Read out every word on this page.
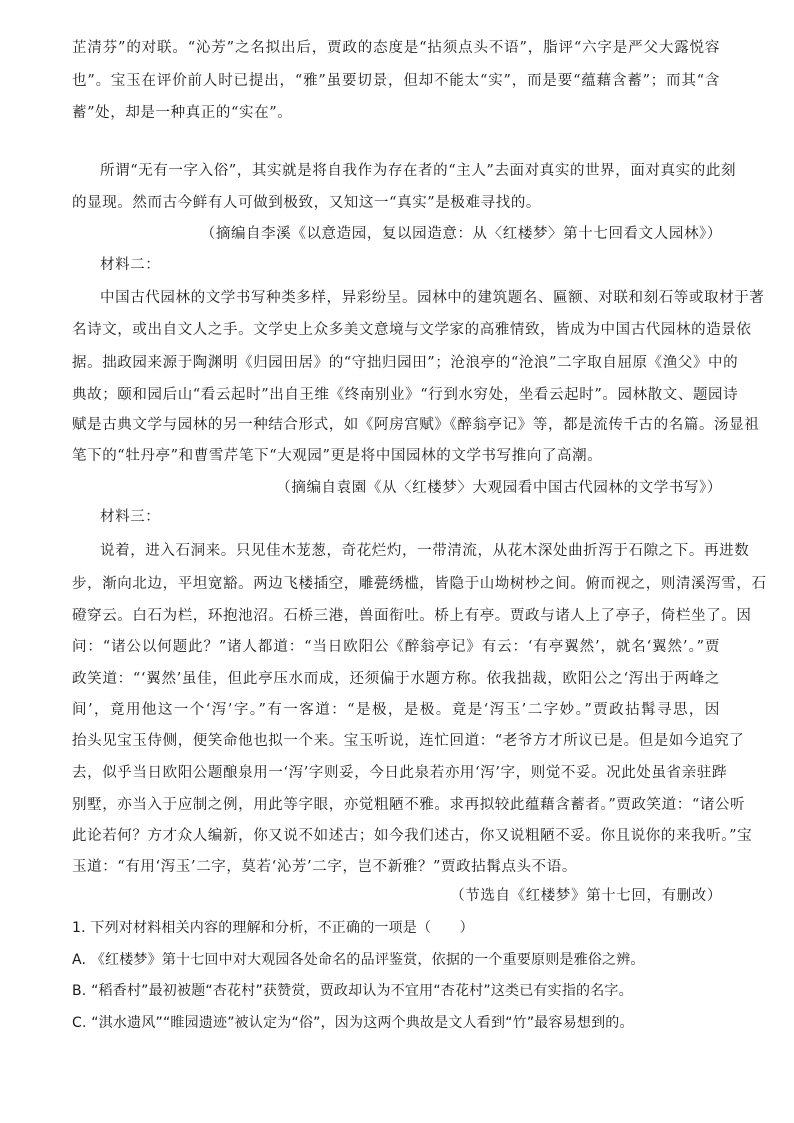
芷清芬”的对联。“沁芳”之名拟出后，贾政的态度是“拈须点头不语”，脂评“六字是严父大露悦容
也”。宝玉在评价前人时已提出，“雅”虽要切景，但却不能太“实”，而是要“蕴藉含蓄”；而其“含
蓄”处，却是一种真正的“实在”。
所谓“无有一字入俗”，其实就是将自我作为存在者的“主人”去面对真实的世界，面对真实的此刻
的显现。然而古今鲜有人可做到极致，又知这一“真实”是极难寻找的。
（摘编自李溪《以意造园，复以园造意：从〈红楼梦〉第十七回看文人园林》）
材料二：
中国古代园林的文学书写种类多样，异彩纷呈。园林中的建筑题名、匾额、对联和刻石等或取材于著
名诗文，或出自文人之手。文学史上众多美文意境与文学家的高雅情致，皆成为中国古代园林的造景依
据。拙政园来源于陶渊明《归园田居》的“守拙归园田”；沧浪亭的“沧浪”二字取自屈原《渔父》中的
典故；颐和园后山“看云起时”出自王维《终南别业》“行到水穷处，坐看云起时”。园林散文、题园诗
赋是古典文学与园林的另一种结合形式，如《阿房宫赋》《醉翁亭记》等，都是流传千古的名篇。汤显祖
笔下的“牡丹亭”和曹雪芹笔下“大观园”更是将中国园林的文学书写推向了高潮。
（摘编自袁園《从〈红楼梦〉大观园看中国古代园林的文学书写》）
材料三：
说着，进入石洞来。只见佳木茏葱，奇花烂灼，一带清流，从花木深处曲折泻于石隙之下。再进数
步，渐向北边，平坦宽豁。两边飞楼插空，雕甍绣槛，皆隐于山坳树杪之间。俯而视之，则清溪泻雪，石
磴穿云。白石为栏，环抱池沼。石桥三港，兽面衔吐。桥上有亭。贾政与诸人上了亭子，倚栏坐了。因
问：“诸公以何题此？”诸人都道：“当日欧阳公《醉翁亭记》有云：‘有亭翼然’，就名‘翼然’。”贾
政笑道：“‘翼然’虽佳，但此亭压水而成，还须偏于水题方称。依我拙裁，欧阳公之‘泻出于两峰之
间’，竟用他这一个‘泻’字。”有一客道：“是极，是极。竟是‘泻玉’二字妙。”贾政拈髯寻思，因
抬头见宝玉侍侧，便笑命他也拟一个来。宝玉听说，连忙回道：“老爷方才所议已是。但是如今追究了
去，似乎当日欧阳公题酿泉用一‘泻’字则妥，今日此泉若亦用‘泻’字，则觉不妥。况此处虽省亲驻跸
别墅，亦当入于应制之例，用此等字眼，亦觉粗陋不雅。求再拟较此蕴藉含蓄者。”贾政笑道：“诸公听
此论若何？方才众人编新，你又说不如述古；如今我们述古，你又说粗陋不妥。你且说你的来我听。”宝
玉道：“有用‘泻玉’二字，莫若‘沁芳’二字，岂不新雅？”贾政拈髯点头不语。
（节选自《红楼梦》第十七回，有删改）
1. 下列对材料相关内容的理解和分析，不正确的一项是（　　）
A. 《红楼梦》第十七回中对大观园各处命名的品评鉴赏，依据的一个重要原则是雅俗之辨。
B. “稻香村”最初被题“杏花村”获赞赏，贾政却认为不宜用“杏花村”这类已有实指的名字。
C. “淇水遗风”“睢园遗迹”被认定为“俗”，因为这两个典故是文人看到“竹”最容易想到的。
